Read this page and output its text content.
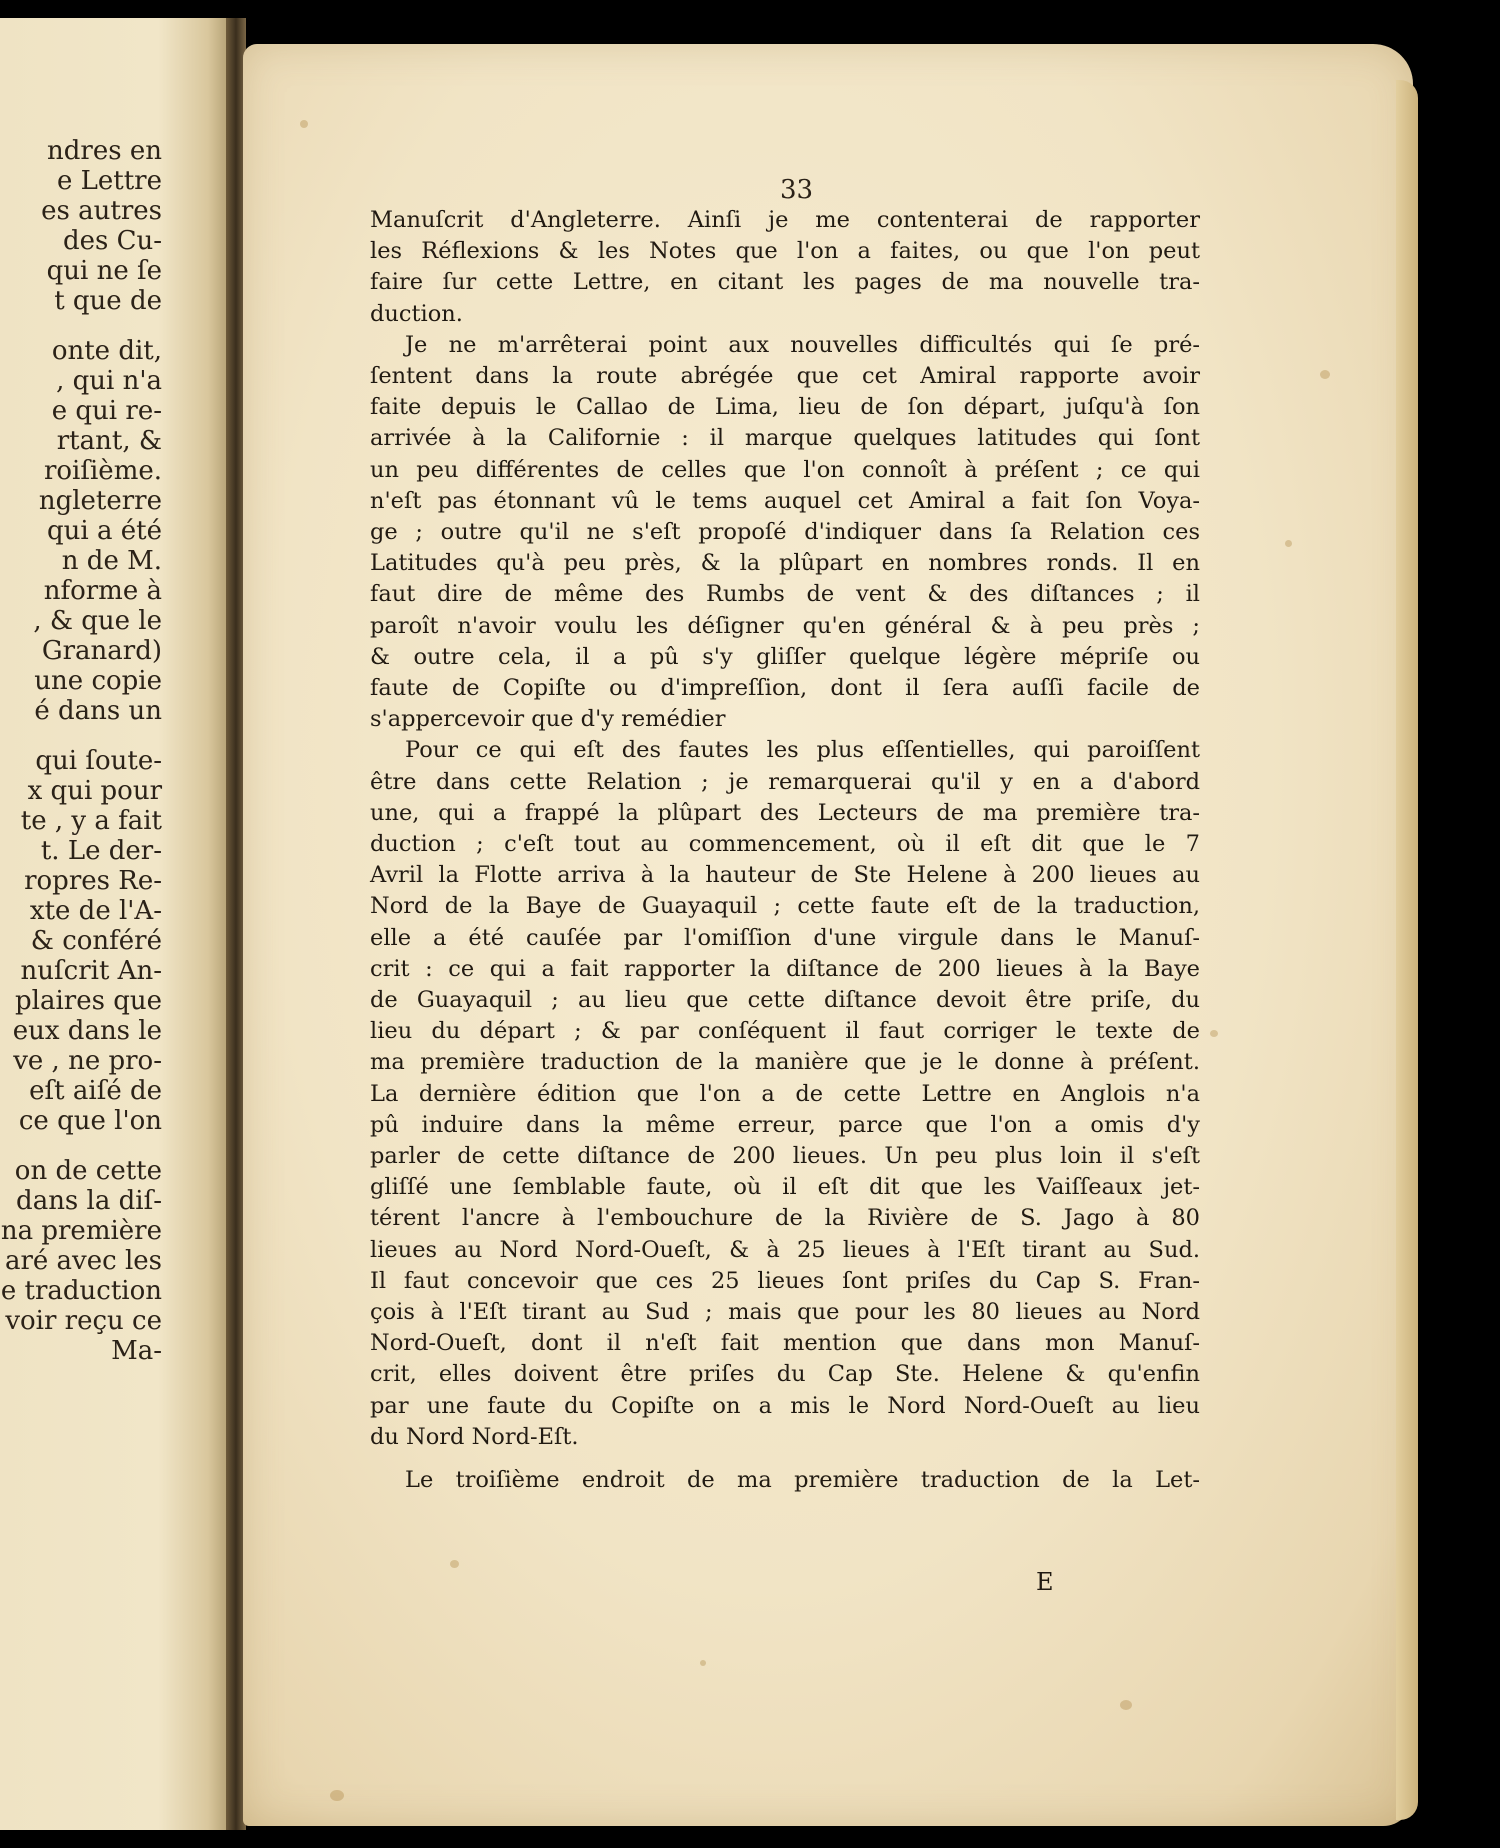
ndres en
e Lettre
es autres
des Cu-
qui ne ſe
t que de
onte dit,
, qui n'a
e qui re-
rtant, &
roiſième.
ngleterre
qui a été
n de M.
nforme à
, & que le
Granard)
une copie
é dans un
qui ſoute-
x qui pour
te , y a fait
t. Le der-
ropres Re-
xte de l'A-
& conféré
nuſcrit An-
plaires que
eux dans le
ve , ne pro-
eſt aiſé de
ce que l'on
on de cette
dans la diſ-
na première
aré avec les
e traduction
voir reçu ce
Ma-
33
Manuſcrit d'Angleterre. Ainſi je me contenterai de rapporter
les Réflexions & les Notes que l'on a faites, ou que l'on peut
faire ſur cette Lettre, en citant les pages de ma nouvelle tra-
duction.
Je ne m'arrêterai point aux nouvelles difficultés qui ſe pré-
ſentent dans la route abrégée que cet Amiral rapporte avoir
faite depuis le Callao de Lima, lieu de ſon départ, juſqu'à ſon
arrivée à la Californie : il marque quelques latitudes qui ſont
un peu différentes de celles que l'on connoît à préſent ; ce qui
n'eſt pas étonnant vû le tems auquel cet Amiral a fait ſon Voya-
ge ; outre qu'il ne s'eſt propoſé d'indiquer dans ſa Relation ces
Latitudes qu'à peu près, & la plûpart en nombres ronds. Il en
faut dire de même des Rumbs de vent & des diſtances ; il
paroît n'avoir voulu les déſigner qu'en général & à peu près ;
& outre cela, il a pû s'y gliſſer quelque légère mépriſe ou
faute de Copiſte ou d'impreſſion, dont il ſera auſſi facile de
s'appercevoir que d'y remédier
Pour ce qui eſt des fautes les plus eſſentielles, qui paroiſſent
être dans cette Relation ; je remarquerai qu'il y en a d'abord
une, qui a frappé la plûpart des Lecteurs de ma première tra-
duction ; c'eſt tout au commencement, où il eſt dit que le 7
Avril la Flotte arriva à la hauteur de Ste Helene à 200 lieues au
Nord de la Baye de Guayaquil ; cette faute eſt de la traduction,
elle a été cauſée par l'omiſſion d'une virgule dans le Manuſ-
crit : ce qui a fait rapporter la diſtance de 200 lieues à la Baye
de Guayaquil ; au lieu que cette diſtance devoit être priſe, du
lieu du départ ; & par conſéquent il faut corriger le texte de
ma première traduction de la manière que je le donne à préſent.
La dernière édition que l'on a de cette Lettre en Anglois n'a
pû induire dans la même erreur, parce que l'on a omis d'y
parler de cette diſtance de 200 lieues. Un peu plus loin il s'eſt
gliſſé une ſemblable faute, où il eſt dit que les Vaiſſeaux jet-
térent l'ancre à l'embouchure de la Rivière de S. Jago à 80
lieues au Nord Nord-Oueſt, & à 25 lieues à l'Eſt tirant au Sud.
Il faut concevoir que ces 25 lieues ſont priſes du Cap S. Fran-
çois à l'Eſt tirant au Sud ; mais que pour les 80 lieues au Nord
Nord-Oueſt, dont il n'eſt fait mention que dans mon Manuſ-
crit, elles doivent être priſes du Cap Ste. Helene & qu'enfin
par une faute du Copiſte on a mis le Nord Nord-Oueſt au lieu
du Nord Nord-Eſt.
Le troiſième endroit de ma première traduction de la Let-
E
